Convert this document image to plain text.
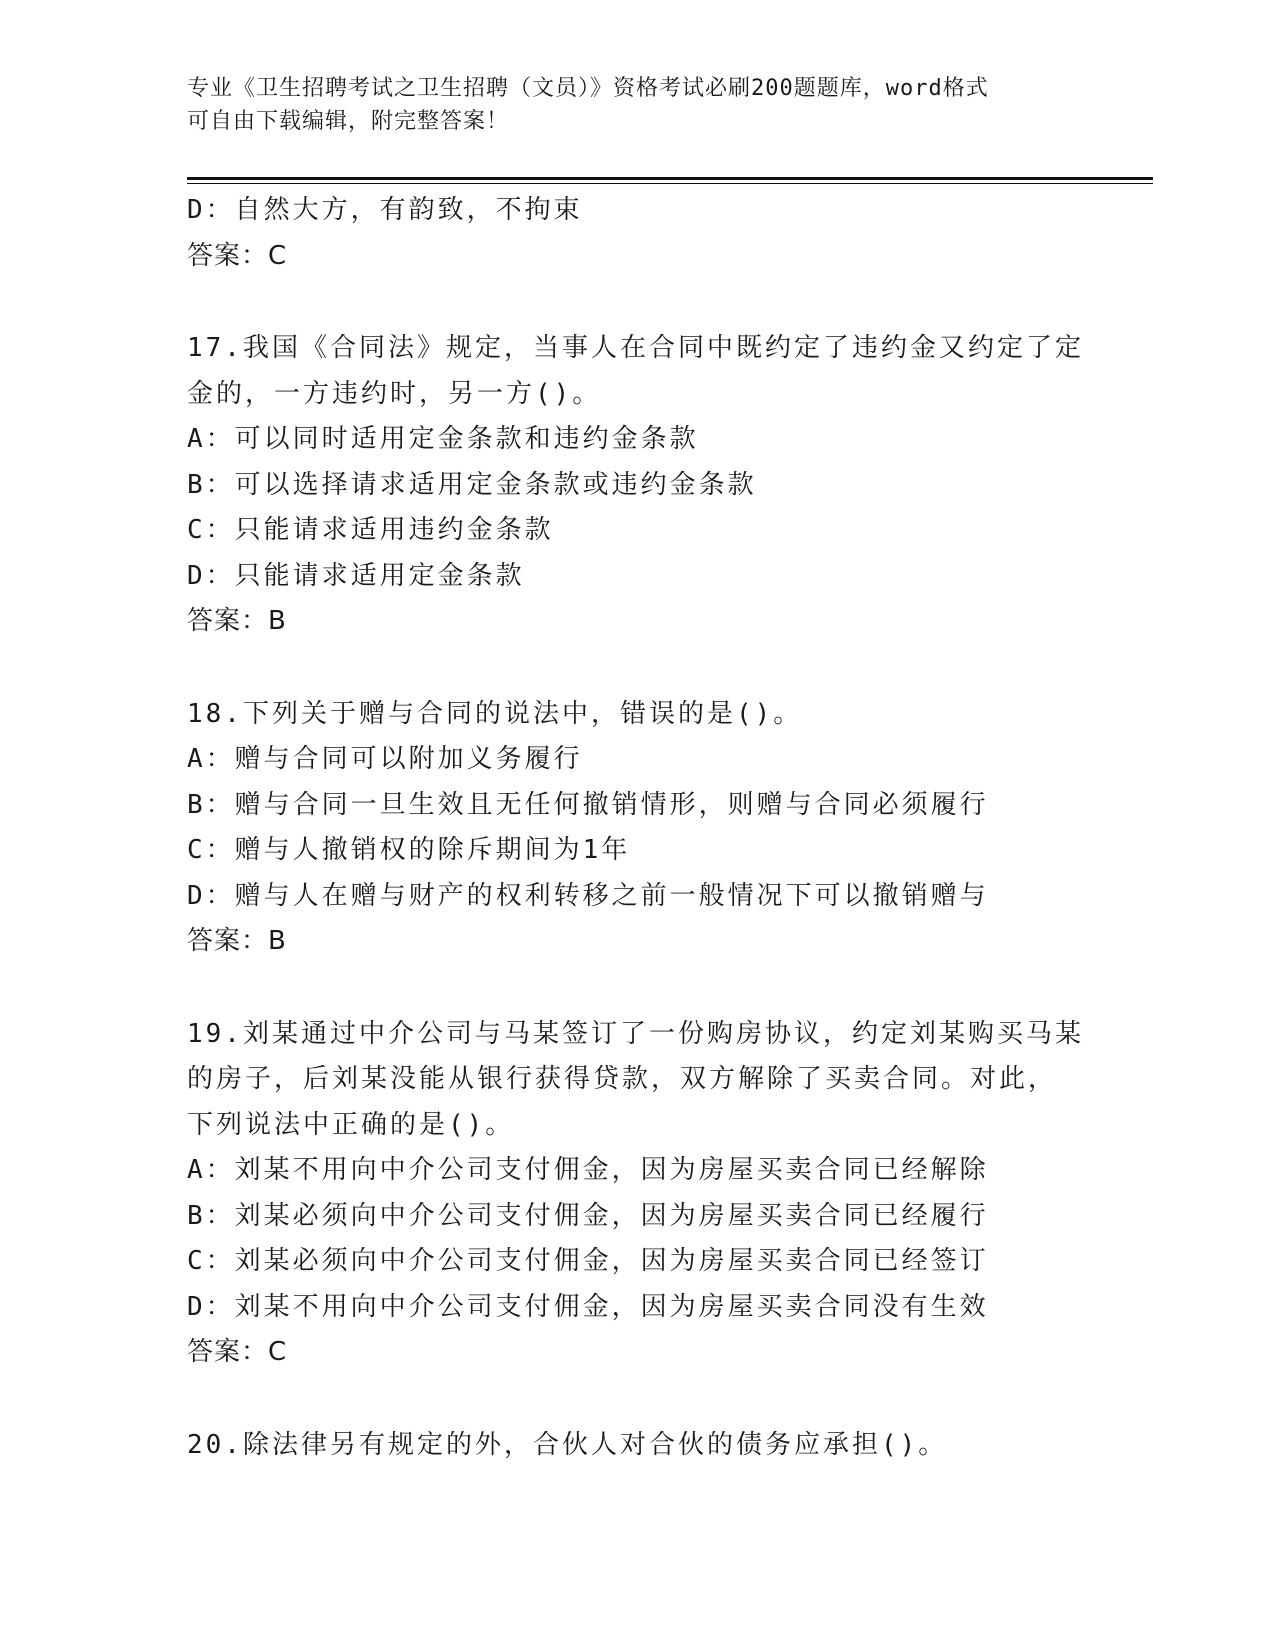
专业《卫生招聘考试之卫生招聘（文员）》资格考试必刷200题题库，word格式
可自由下载编辑，附完整答案！
D：自然大方，有韵致，不拘束
答案：C
17.我国《合同法》规定，当事人在合同中既约定了违约金又约定了定
金的，一方违约时，另一方()。
A：可以同时适用定金条款和违约金条款
B：可以选择请求适用定金条款或违约金条款
C：只能请求适用违约金条款
D：只能请求适用定金条款
答案：B
18.下列关于赠与合同的说法中，错误的是()。
A：赠与合同可以附加义务履行
B：赠与合同一旦生效且无任何撤销情形，则赠与合同必须履行
C：赠与人撤销权的除斥期间为1年
D：赠与人在赠与财产的权利转移之前一般情况下可以撤销赠与
答案：B
19.刘某通过中介公司与马某签订了一份购房协议，约定刘某购买马某
的房子，后刘某没能从银行获得贷款，双方解除了买卖合同。对此，
下列说法中正确的是()。
A：刘某不用向中介公司支付佣金，因为房屋买卖合同已经解除
B：刘某必须向中介公司支付佣金，因为房屋买卖合同已经履行
C：刘某必须向中介公司支付佣金，因为房屋买卖合同已经签订
D：刘某不用向中介公司支付佣金，因为房屋买卖合同没有生效
答案：C
20.除法律另有规定的外，合伙人对合伙的债务应承担()。
